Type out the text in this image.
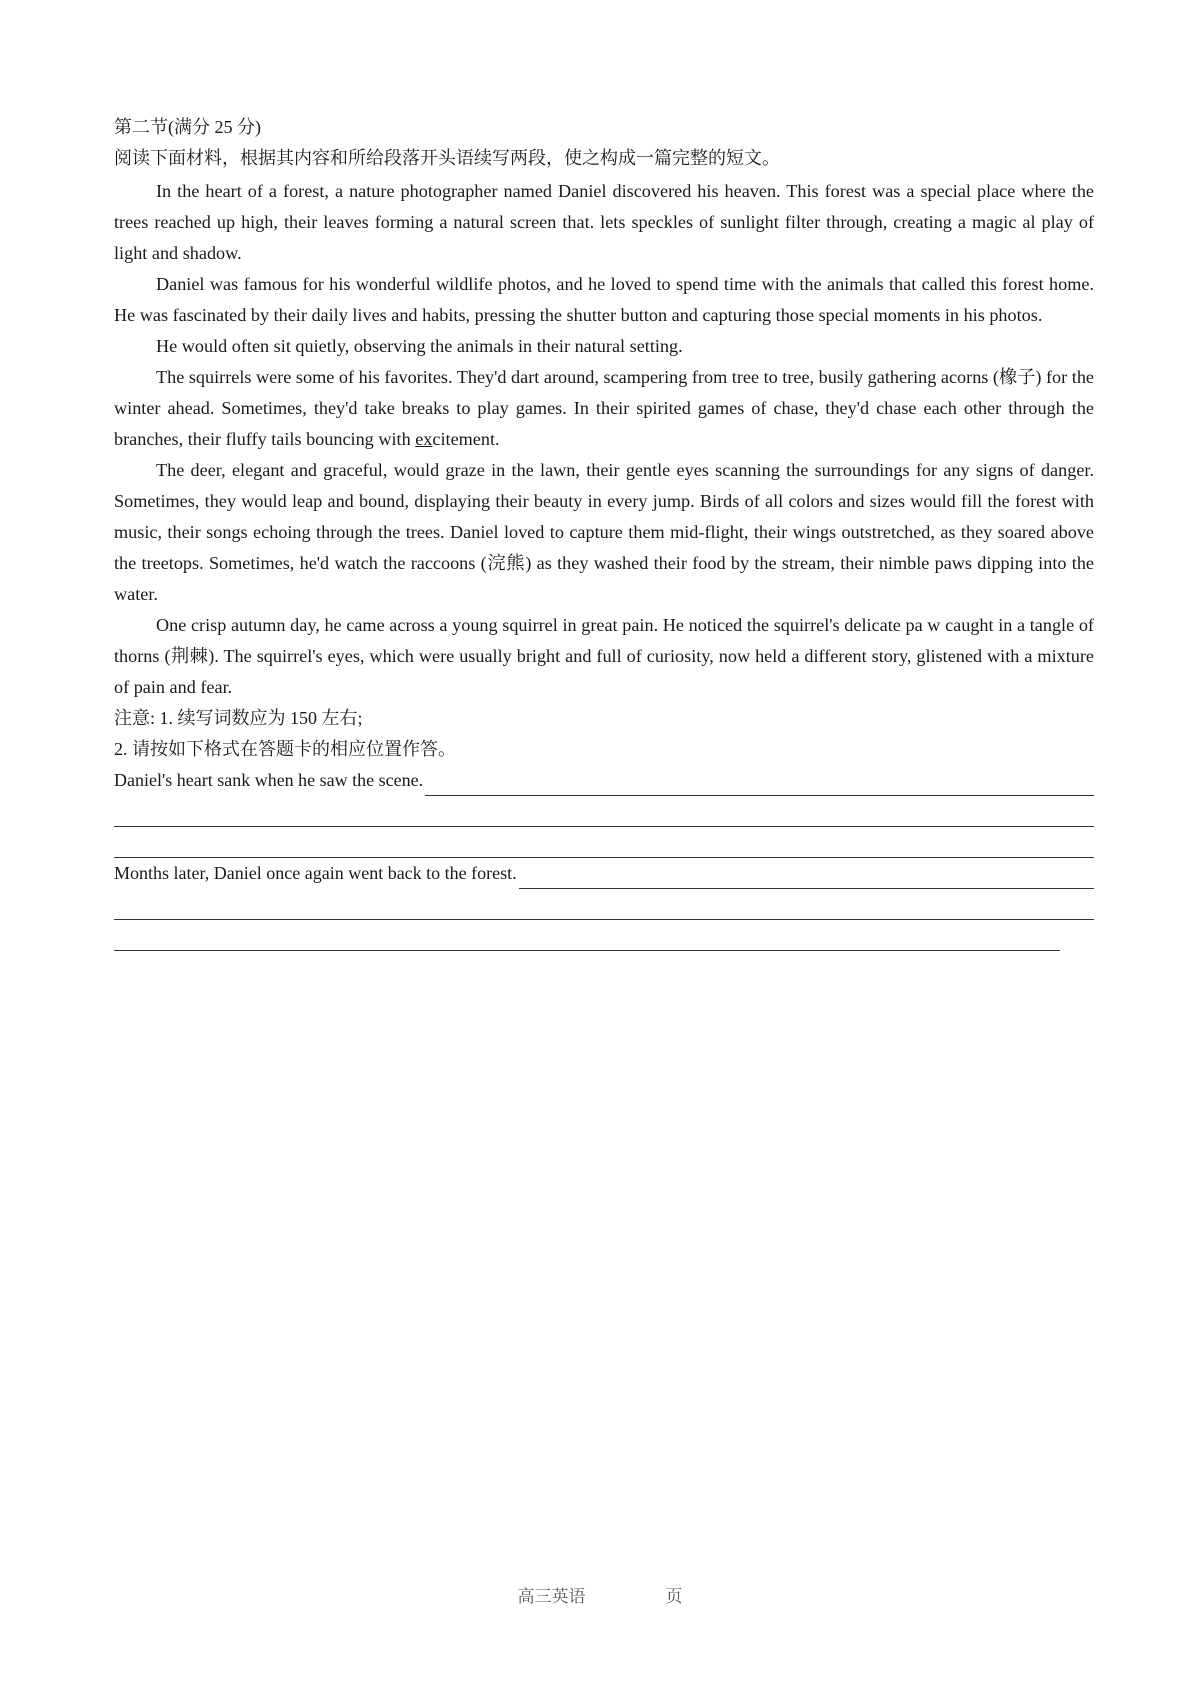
第二节(满分 25 分)

阅读下面材料，根据其内容和所给段落开头语续写两段，使之构成一篇完整的短文。

In the heart of a forest, a nature photographer named Daniel discovered his heaven. This forest was a special place where the trees reached up high, their leaves forming a natural screen that. lets speckles of sunlight filter through, creating a magic al play of light and shadow.

Daniel was famous for his wonderful wildlife photos, and he loved to spend time with the animals that called this forest home. He was fascinated by their daily lives and habits, pressing the shutter button and capturing those special moments in his photos.

He would often sit quietly, observing the animals in their natural setting.

The squirrels were some of his favorites. They'd dart around, scampering from tree to tree, busily gathering acorns (橡子) for the winter ahead. Sometimes, they'd take breaks to play games. In their spirited games of chase, they'd chase each other through the branches, their fluffy tails bouncing with excitement.

The deer, elegant and graceful, would graze in the lawn, their gentle eyes scanning the surroundings for any signs of danger. Sometimes, they would leap and bound, displaying their beauty in every jump. Birds of all colors and sizes would fill the forest with music, their songs echoing through the trees. Daniel loved to capture them mid-flight, their wings outstretched, as they soared above the treetops. Sometimes, he'd watch the raccoons (浣熊) as they washed their food by the stream, their nimble paws dipping into the water.

One crisp autumn day, he came across a young squirrel in great pain. He noticed the squirrel's delicate pa w caught in a tangle of thorns (荆棘). The squirrel's eyes, which were usually bright and full of curiosity, now held a different story, glistened with a mixture of pain and fear.

注意: 1. 续写词数应为 150 左右;

2. 请按如下格式在答题卡的相应位置作答。

Daniel's heart sank when he saw the scene.
Months later, Daniel once again went back to the forest.
高三英语	页
